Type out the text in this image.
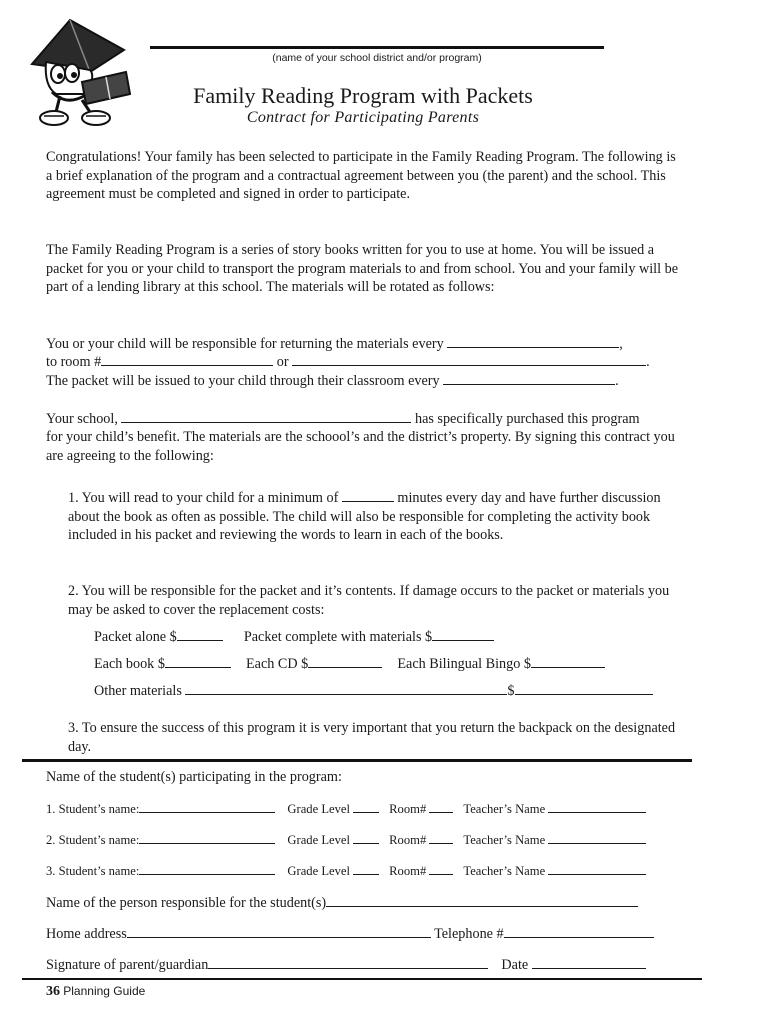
(name of your school district and/or program)
Family Reading Program with Packets
Contract for Participating Parents

Congratulations! Your family has been selected to participate in the Family Reading Program. The following is a brief explanation of the program and a contractual agreement between you (the parent) and the school. This agreement must be completed and signed in order to participate.

The Family Reading Program is a series of story books written for you to use at home. You will be issued a packet for you or your child to transport the program materials to and from school. You and your family will be part of a lending library at this school. The materials will be rotated as follows:

You or your child will be responsible for returning the materials every	,
to room #	or	.
The packet will be issued to your child through their classroom every	.
Your school,	has specifically purchased this program

for your child’s benefit. The materials are the schoool’s and the district’s property. By signing this contract you are agreeing to the following:

1. You will read to your child for a minimum of	minutes every day and have further discussion about the book as often as possible. The child will also be responsible for completing the activity book included in his packet and reviewing the words to learn in each of the books.

2. You will be responsible for the packet and it’s contents. If damage occurs to the packet or materials you may be asked to cover the replacement costs:

Packet alone $	Packet complete with materials $
Each book $	Each CD $	Each Bilingual Bingo $
Other materials	$

3. To ensure the success of this program it is very important that you return the backpack on the designated day.

Name of the student(s) participating in the program:
1. Student’s name:	Grade Level	Room#	Teacher’s Name
2. Student’s name:	Grade Level	Room#	Teacher’s Name
3. Student’s name:	Grade Level	Room#	Teacher’s Name
Name of the person responsible for the student(s)
Home address	Telephone #
Signature of parent/guardian	Date
36 Planning Guide
